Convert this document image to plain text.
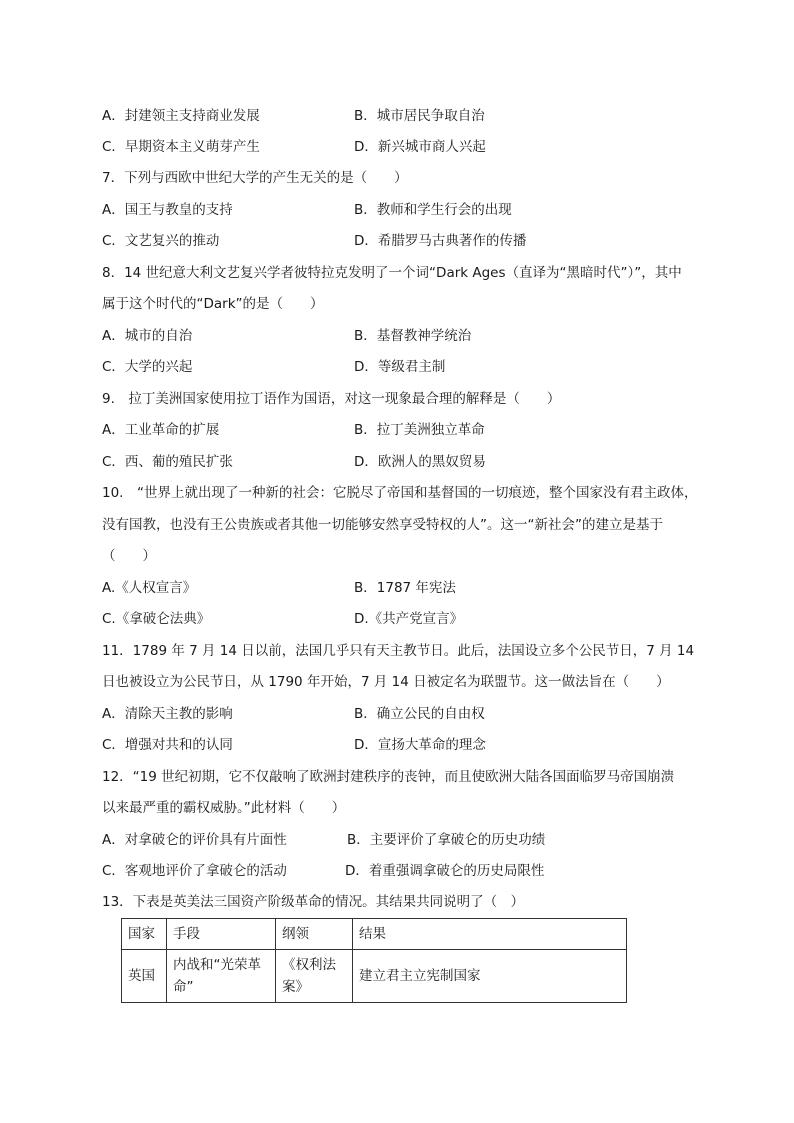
A．封建领主支持商业发展	B．城市居民争取自治
C．早期资本主义萌芽产生	D．新兴城市商人兴起
7．下列与西欧中世纪大学的产生无关的是（　　）
A．国王与教皇的支持	B．教师和学生行会的出现
C．文艺复兴的推动	D．希腊罗马古典著作的传播
8．14 世纪意大利文艺复兴学者彼特拉克发明了一个词“Dark Ages（直译为“黑暗时代”）”，其中
属于这个时代的“Dark”的是（　　）
A．城市的自治	B．基督教神学统治
C．大学的兴起	D．等级君主制
9.　拉丁美洲国家使用拉丁语作为国语，对这一现象最合理的解释是（　　）
A．工业革命的扩展	B．拉丁美洲独立革命
C．西、葡的殖民扩张	D．欧洲人的黑奴贸易
10.　“世界上就出现了一种新的社会：它脱尽了帝国和基督国的一切痕迹，整个国家没有君主政体，
没有国教，也没有王公贵族或者其他一切能够安然享受特权的人”。这一“新社会”的建立是基于
（　　）
A.《人权宣言》	B．1787 年宪法
C.《拿破仑法典》	D.《共产党宣言》
11．1789 年 7 月 14 日以前，法国几乎只有天主教节日。此后，法国设立多个公民节日，7 月 14
日也被设立为公民节日，从 1790 年开始，7 月 14 日被定名为联盟节。这一做法旨在（　　）
A．清除天主教的影响	B．确立公民的自由权
C．增强对共和的认同	D．宣扬大革命的理念
12．“19 世纪初期，它不仅敲响了欧洲封建秩序的丧钟，而且使欧洲大陆各国面临罗马帝国崩溃
以来最严重的霸权威胁。”此材料（　　）
A．对拿破仑的评价具有片面性	B．主要评价了拿破仑的历史功绩
C．客观地评价了拿破仑的活动	D．着重强调拿破仑的历史局限性
13．下表是英美法三国资产阶级革命的情况。其结果共同说明了（　）
国家	手段	纲领	结果
英国	内战和“光荣革命”	《权利法案》	建立君主立宪制国家
